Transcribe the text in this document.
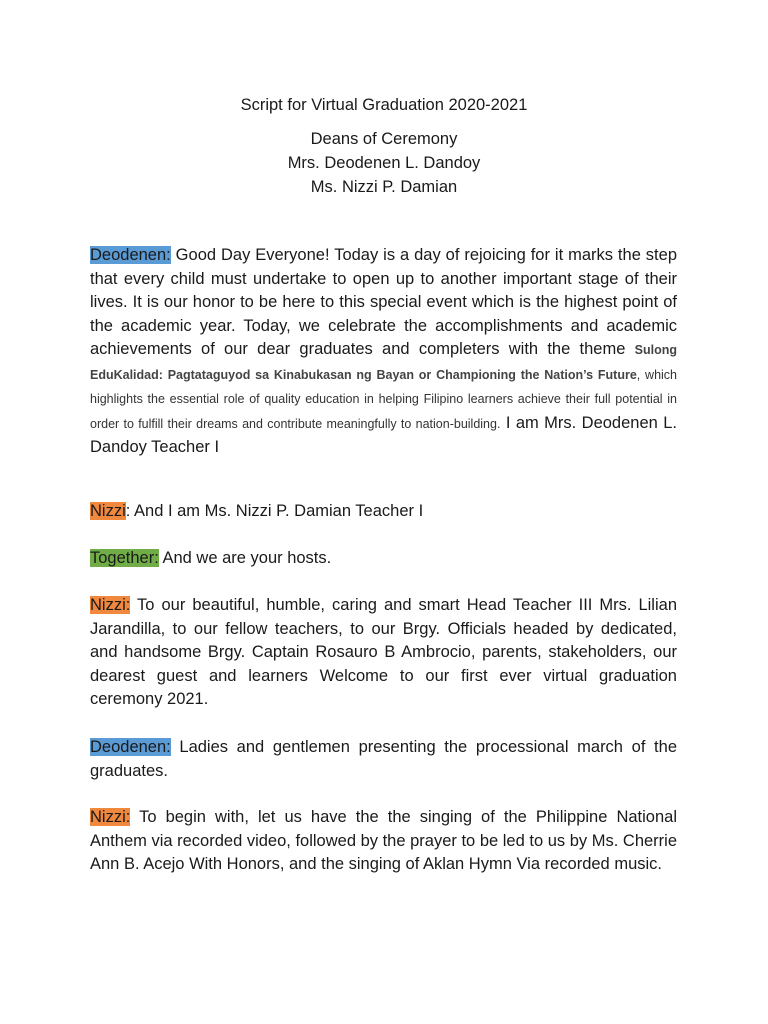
Script for Virtual Graduation 2020-2021
Deans of Ceremony
Mrs. Deodenen L. Dandoy
Ms. Nizzi P. Damian
Deodenen: Good Day Everyone! Today is a day of rejoicing for it marks the step that every child must undertake to open up to another important stage of their lives. It is our honor to be here to this special event which is the highest point of the academic year. Today, we celebrate the accomplishments and academic achievements of our dear graduates and completers with the theme Sulong EduKalidad: Pagtataguyod sa Kinabukasan ng Bayan or Championing the Nation’s Future, which highlights the essential role of quality education in helping Filipino learners achieve their full potential in order to fulfill their dreams and contribute meaningfully to nation-building. I am Mrs. Deodenen L. Dandoy Teacher I
Nizzi: And I am Ms. Nizzi P. Damian Teacher I
Together: And we are your hosts.
Nizzi: To our beautiful, humble, caring and smart Head Teacher III Mrs. Lilian Jarandilla, to our fellow teachers, to our Brgy. Officials headed by dedicated, and handsome Brgy. Captain Rosauro B Ambrocio, parents, stakeholders, our dearest guest and learners Welcome to our first ever virtual graduation ceremony 2021.
Deodenen: Ladies and gentlemen presenting the processional march of the graduates.
Nizzi: To begin with, let us have the the singing of the Philippine National Anthem via recorded video, followed by the prayer to be led to us by Ms. Cherrie Ann B. Acejo With Honors, and the singing of Aklan Hymn Via recorded music.
